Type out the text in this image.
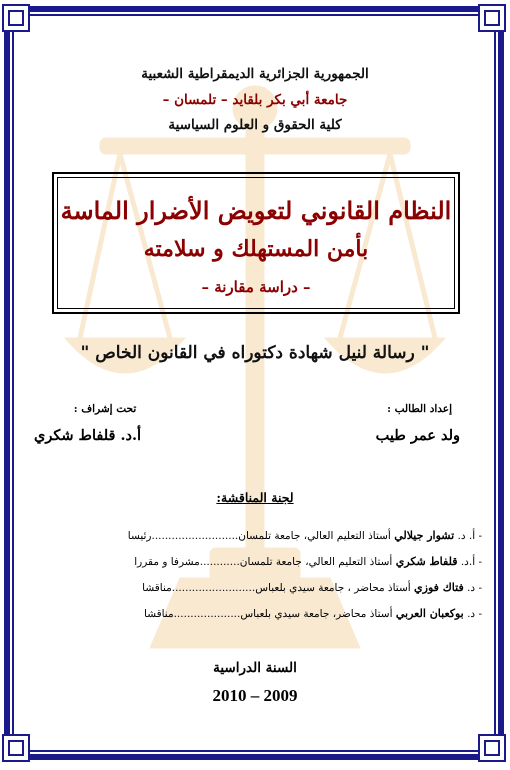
الجمهورية الجزائرية الديمقراطية الشعبية
جامعة أبي بكر بلقايد – تلمسان –
كلية الحقوق و العلوم السياسية
النظام القانوني لتعويض الأضرار الماسة
بأمن المستهلك و سلامته
– دراسة مقارنة –
" رسالة لنيل شهادة دكتوراه في القانون الخاص "
إعداد الطالب :
تحت إشراف :
ولد عمر طيب
أ.د. قلفاط شكري
لجنة المناقشة:
- أ. د. تشوار جيلالي أستاذ التعليم العالي، جامعة تلمسان..........................رئيسا
- أ.د. قلفاط شكري أستاذ التعليم العالي، جامعة تلمسان............مشرفا و مقررا
- د. فتاك فوزي أستاذ محاضر ، جامعة سيدي بلعباس.........................مناقشا
- د. بوكعبان العربي أستاذ محاضر، جامعة سيدي بلعباس....................مناقشا
السنة الدراسية
2010 – 2009
